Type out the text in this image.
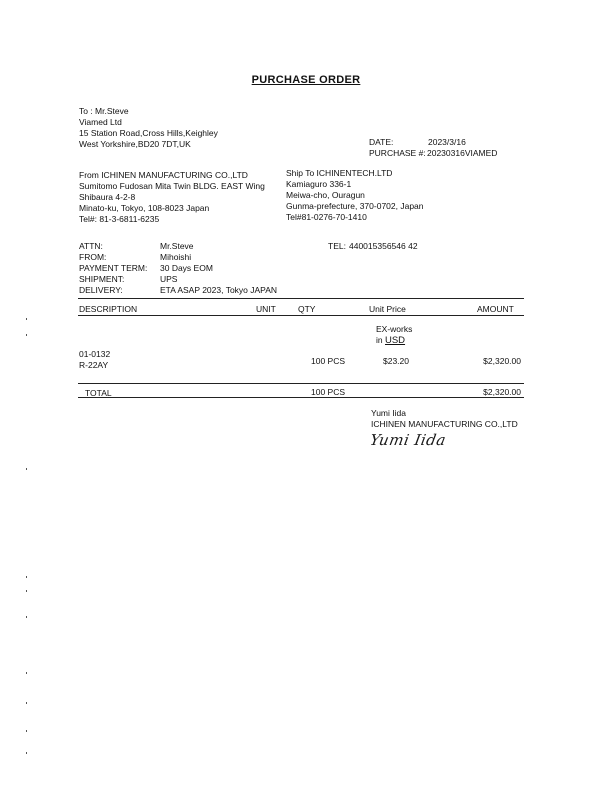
PURCHASE ORDER
To : Mr.Steve
Viamed Ltd
15 Station Road,Cross Hills,Keighley
West Yorkshire,BD20 7DT,UK	DATE:	2023/3/16
PURCHASE #: 20230316VIAMED
From ICHINEN MANUFACTURING CO.,LTD
Sumitomo Fudosan Mita Twin BLDG. EAST Wing
Shibaura 4-2-8
Minato-ku, Tokyo, 108-8023 Japan
Tel#: 81-3-6811-6235
Ship To ICHINENTECH.LTD
Kamiaguro 336-1
Meiwa-cho, Ouragun
Gunma-prefecture, 370-0702, Japan
Tel#81-0276-70-1410
ATTN:	Mr.Steve	TEL: 440015356546 42
FROM:	Mihoishi
PAYMENT TERM: 30 Days EOM
SHIPMENT:	UPS
DELIVERY:	ETA ASAP 2023, Tokyo JAPAN
DESCRIPTION	UNIT	QTY	Unit Price	AMOUNT
EX-works
in USD
01-0132
R-22AY	100 PCS	$23.20	$2,320.00
TOTAL	100 PCS	$2,320.00
Yumi Iida
ICHINEN MANUFACTURING CO.,LTD
Yumi Iida
